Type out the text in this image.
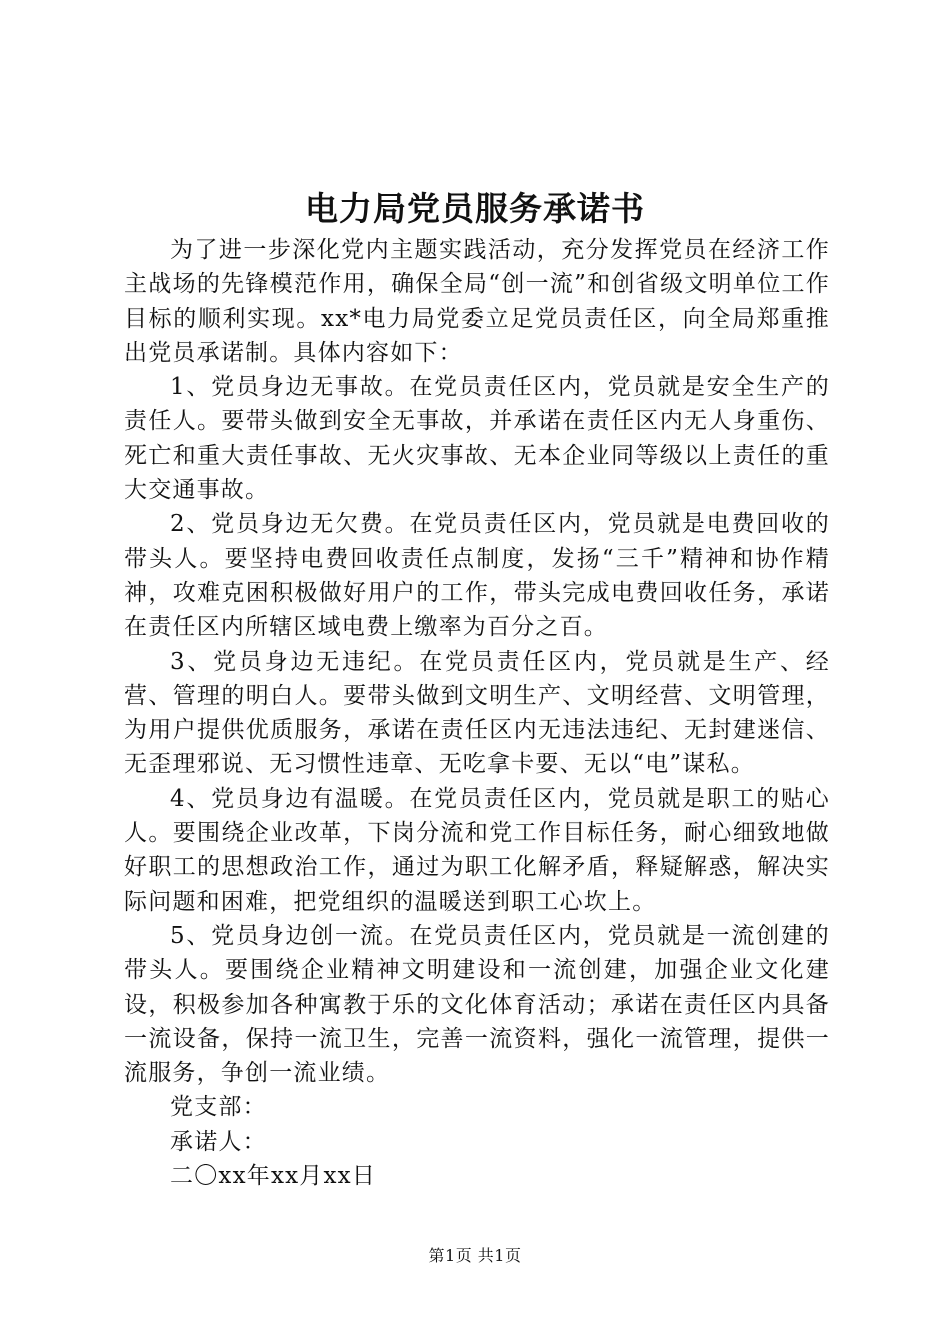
电力局党员服务承诺书

为了进一步深化党内主题实践活动，充分发挥党员在经济工作主战场的先锋模范作用，确保全局“创一流”和创省级文明单位工作目标的顺利实现。xx*电力局党委立足党员责任区，向全局郑重推出党员承诺制。具体内容如下：

1、党员身边无事故。在党员责任区内，党员就是安全生产的责任人。要带头做到安全无事故，并承诺在责任区内无人身重伤、死亡和重大责任事故、无火灾事故、无本企业同等级以上责任的重大交通事故。

2、党员身边无欠费。在党员责任区内，党员就是电费回收的带头人。要坚持电费回收责任点制度，发扬“三千”精神和协作精神，攻难克困积极做好用户的工作，带头完成电费回收任务，承诺在责任区内所辖区域电费上缴率为百分之百。

3、党员身边无违纪。在党员责任区内，党员就是生产、经营、管理的明白人。要带头做到文明生产、文明经营、文明管理，为用户提供优质服务，承诺在责任区内无违法违纪、无封建迷信、无歪理邪说、无习惯性违章、无吃拿卡要、无以“电”谋私。

4、党员身边有温暖。在党员责任区内，党员就是职工的贴心人。要围绕企业改革，下岗分流和党工作目标任务，耐心细致地做好职工的思想政治工作，通过为职工化解矛盾，释疑解惑，解决实际问题和困难，把党组织的温暖送到职工心坎上。

5、党员身边创一流。在党员责任区内，党员就是一流创建的带头人。要围绕企业精神文明建设和一流创建，加强企业文化建设，积极参加各种寓教于乐的文化体育活动；承诺在责任区内具备一流设备，保持一流卫生，完善一流资料，强化一流管理，提供一流服务，争创一流业绩。

党支部：
承诺人：
二〇xx年xx月xx日
第1页 共1页
